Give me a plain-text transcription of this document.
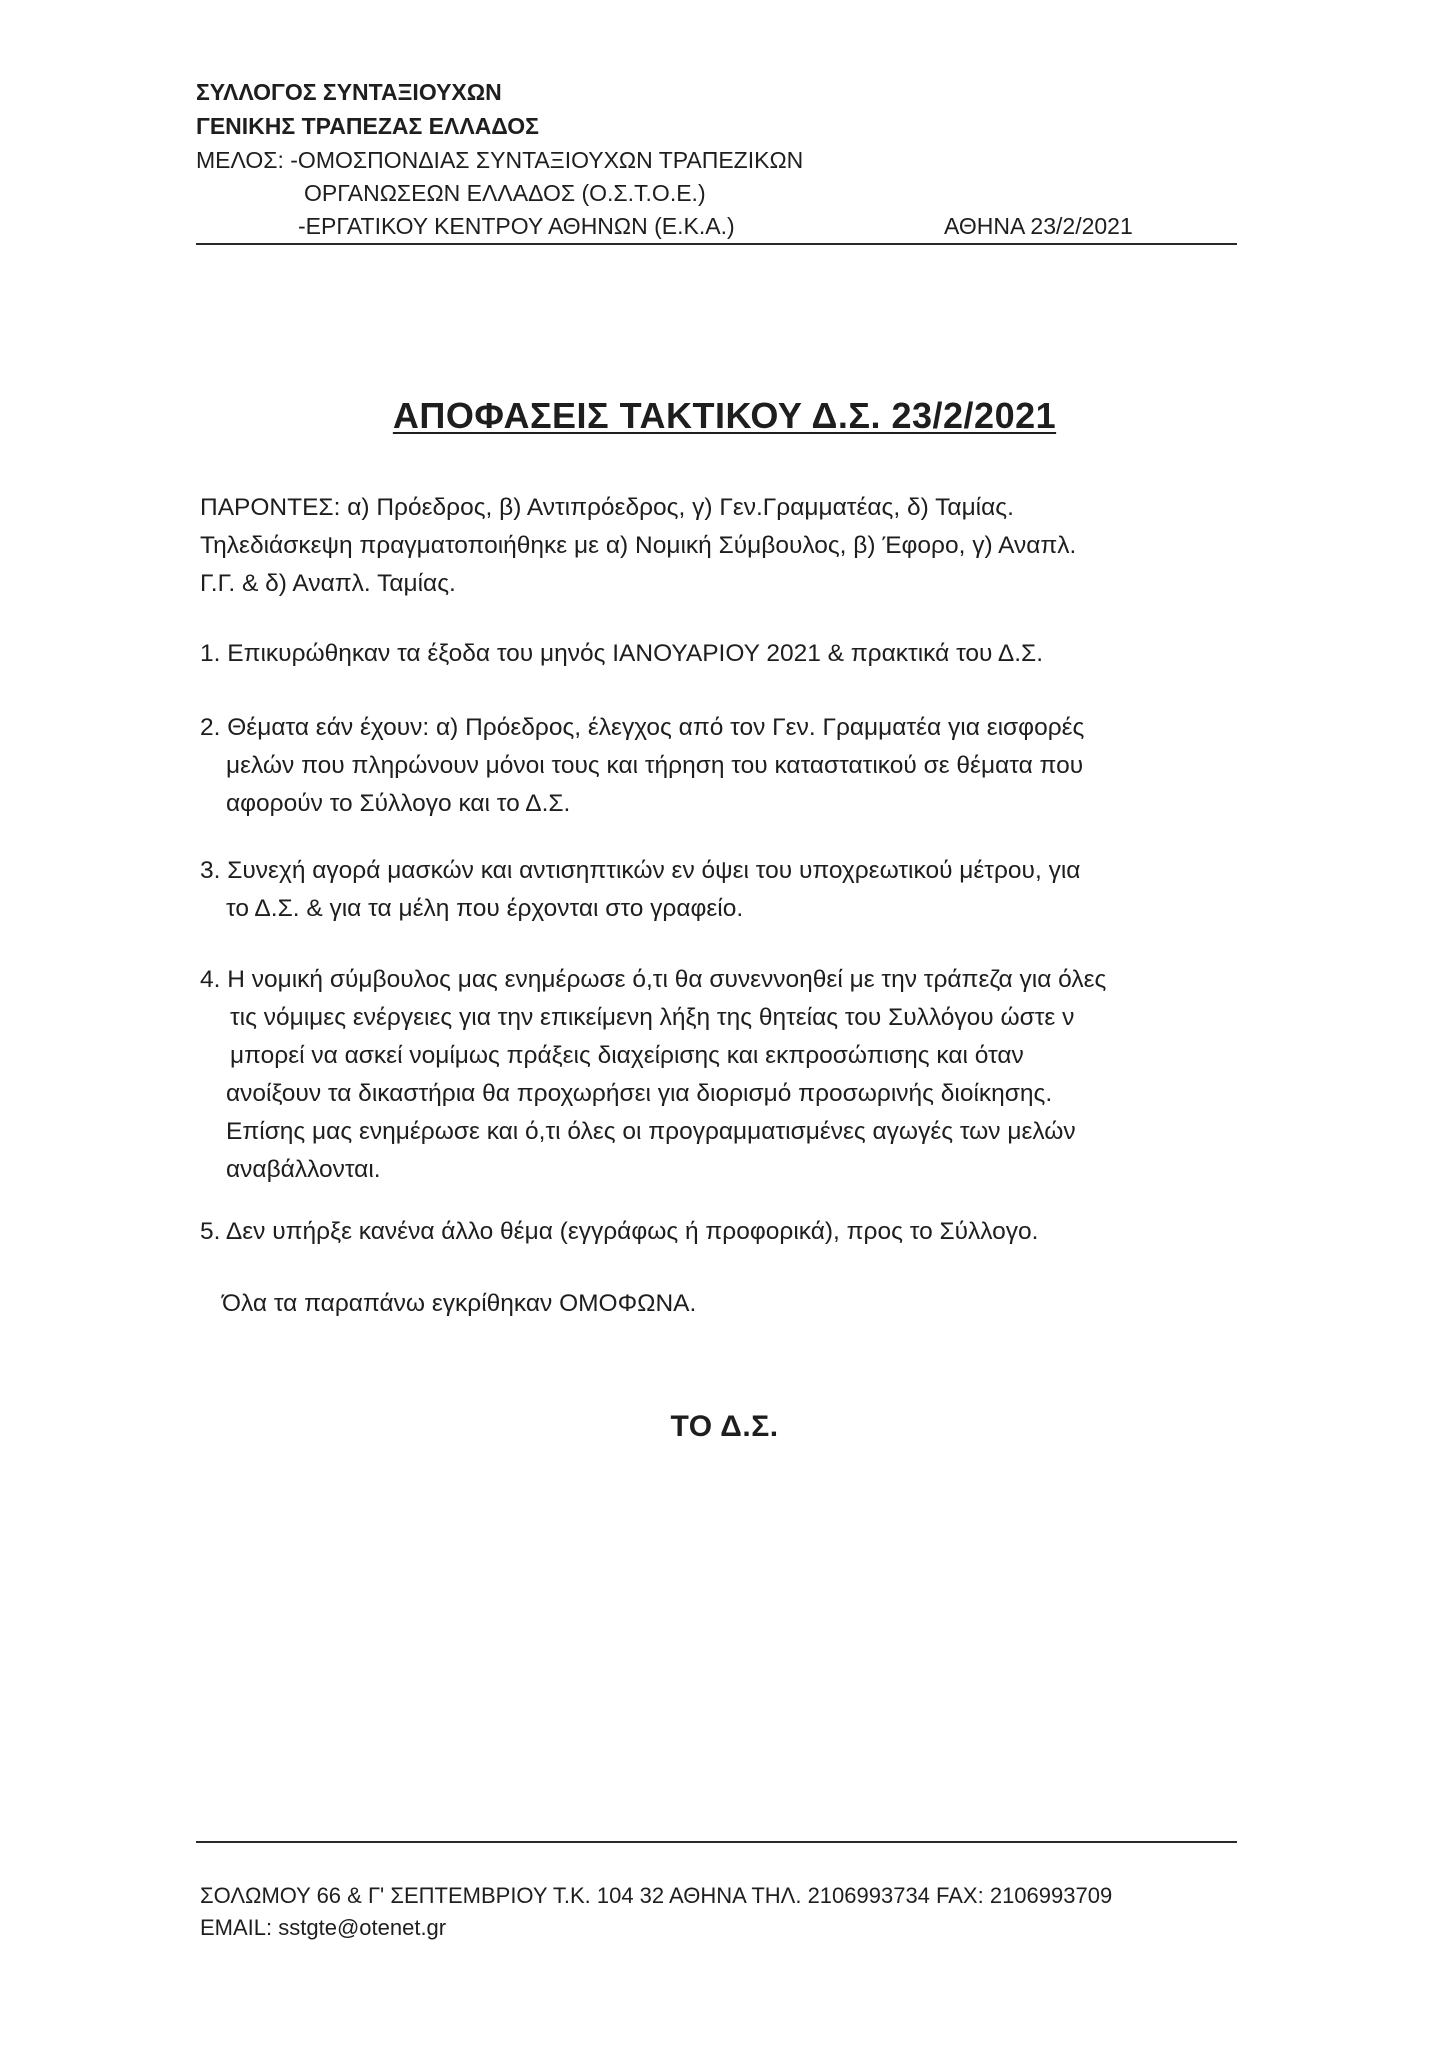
ΣΥΛΛΟΓΟΣ ΣΥΝΤΑΞΙΟΥΧΩΝ
ΓΕΝΙΚΗΣ ΤΡΑΠΕΖΑΣ ΕΛΛΑΔΟΣ
ΜΕΛΟΣ: -ΟΜΟΣΠΟΝΔΙΑΣ ΣΥΝΤΑΞΙΟΥΧΩΝ ΤΡΑΠΕΖΙΚΩΝ
ΟΡΓΑΝΩΣΕΩΝ ΕΛΛΑΔΟΣ (Ο.Σ.Τ.Ο.Ε.)
-ΕΡΓΑΤΙΚΟΥ ΚΕΝΤΡΟΥ ΑΘΗΝΩΝ (Ε.Κ.Α.)	ΑΘΗΝΑ 23/2/2021
ΑΠΟΦΑΣΕΙΣ ΤΑΚΤΙΚΟΥ Δ.Σ. 23/2/2021
ΠΑΡΟΝΤΕΣ: α) Πρόεδρος, β) Αντιπρόεδρος, γ) Γεν.Γραμματέας, δ) Ταμίας.
Τηλεδιάσκεψη πραγματοποιήθηκε με α) Νομική Σύμβουλος, β) Έφορο, γ) Αναπλ.
Γ.Γ. & δ) Αναπλ. Ταμίας.
1. Επικυρώθηκαν τα έξοδα του μηνός ΙΑΝΟΥΑΡΙΟΥ 2021 & πρακτικά του Δ.Σ.
2. Θέματα εάν έχουν: α) Πρόεδρος, έλεγχος από τον Γεν. Γραμματέα για εισφορές
μελών που πληρώνουν μόνοι τους και τήρηση του καταστατικού σε θέματα που
αφορούν το Σύλλογο και το Δ.Σ.
3. Συνεχή αγορά μασκών και αντισηπτικών εν όψει του υποχρεωτικού μέτρου, για
το Δ.Σ. & για τα μέλη που έρχονται στο γραφείο.
4. Η νομική σύμβουλος μας ενημέρωσε ό,τι θα συνεννοηθεί με την τράπεζα για όλες
τις νόμιμες ενέργειες για την επικείμενη λήξη της θητείας του Συλλόγου ώστε ν
μπορεί να ασκεί νομίμως πράξεις διαχείρισης και εκπροσώπισης και όταν
ανοίξουν τα δικαστήρια θα προχωρήσει για διορισμό προσωρινής διοίκησης.
Επίσης μας ενημέρωσε και ό,τι όλες οι προγραμματισμένες αγωγές των μελών
αναβάλλονται.
5. Δεν υπήρξε κανένα άλλο θέμα (εγγράφως ή προφορικά), προς το Σύλλογο.
Όλα τα παραπάνω εγκρίθηκαν ΟΜΟΦΩΝΑ.
ΤΟ Δ.Σ.
ΣΟΛΩΜΟΥ 66 & Γ' ΣΕΠΤΕΜΒΡΙΟΥ Τ.Κ. 104 32 ΑΘΗΝΑ ΤΗΛ. 2106993734 FAX: 2106993709
EMAIL: sstgte@otenet.gr
